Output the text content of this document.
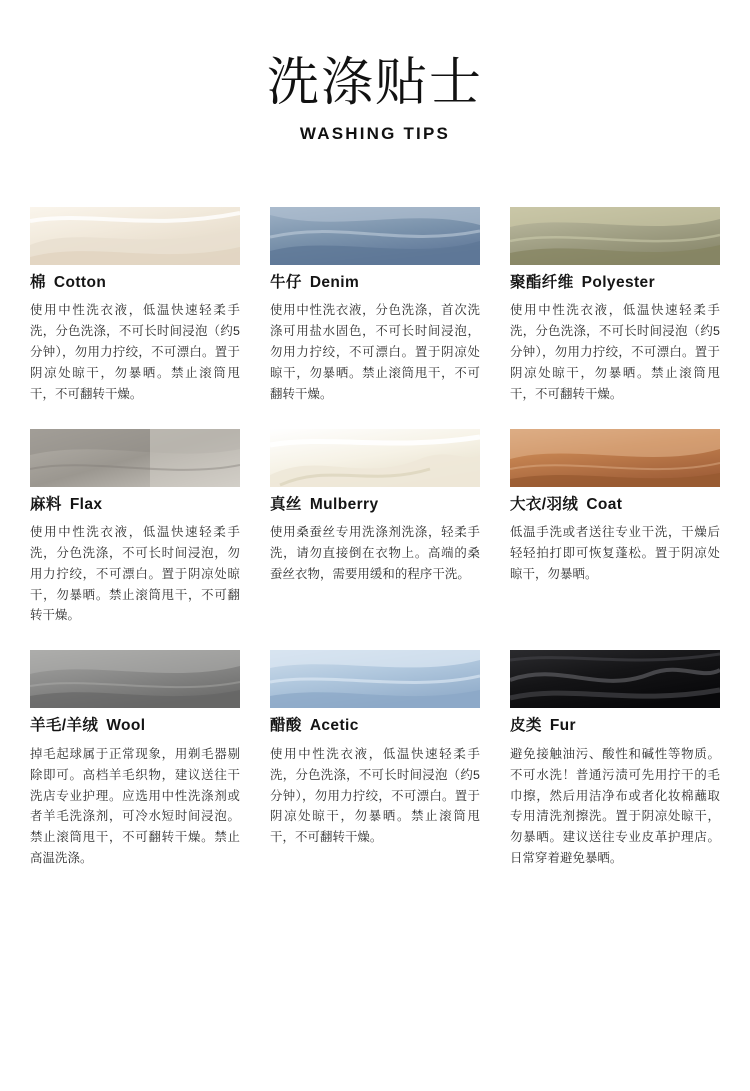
洗涤贴士
WASHING TIPS
棉 Cotton
使用中性洗衣液，低温快速轻柔手洗，分色洗涤，不可长时间浸泡（约5分钟），勿用力拧绞，不可漂白。置于阴凉处晾干，勿暴晒。禁止滚筒甩干，不可翻转干燥。
牛仔 Denim
使用中性洗衣液，分色洗涤，首次洗涤可用盐水固色，不可长时间浸泡，勿用力拧绞，不可漂白。置于阴凉处晾干，勿暴晒。禁止滚筒甩干，不可翻转干燥。
聚酯纤维 Polyester
使用中性洗衣液，低温快速轻柔手洗，分色洗涤，不可长时间浸泡（约5分钟），勿用力拧绞，不可漂白。置于阴凉处晾干，勿暴晒。禁止滚筒甩干，不可翻转干燥。
麻料 Flax
使用中性洗衣液，低温快速轻柔手洗，分色洗涤，不可长时间浸泡，勿用力拧绞，不可漂白。置于阴凉处晾干，勿暴晒。禁止滚筒甩干，不可翻转干燥。
真丝 Mulberry
使用桑蚕丝专用洗涤剂洗涤，轻柔手洗，请勿直接倒在衣物上。高端的桑蚕丝衣物，需要用缓和的程序干洗。
大衣/羽绒 Coat
低温手洗或者送往专业干洗，干燥后轻轻拍打即可恢复蓬松。置于阴凉处晾干，勿暴晒。
羊毛/羊绒 Wool
掉毛起球属于正常现象，用剃毛器剔除即可。高档羊毛织物，建议送往干洗店专业护理。应选用中性洗涤剂或者羊毛洗涤剂，可冷水短时间浸泡。禁止滚筒甩干，不可翻转干燥。禁止高温洗涤。
醋酸 Acetic
使用中性洗衣液，低温快速轻柔手洗，分色洗涤，不可长时间浸泡（约5分钟），勿用力拧绞，不可漂白。置于阴凉处晾干，勿暴晒。禁止滚筒甩干，不可翻转干燥。
皮类 Fur
避免接触油污、酸性和碱性等物质。不可水洗！普通污渍可先用拧干的毛巾擦，然后用洁净布或者化妆棉蘸取专用清洗剂擦洗。置于阴凉处晾干，勿暴晒。建议送往专业皮革护理店。日常穿着避免暴晒。
